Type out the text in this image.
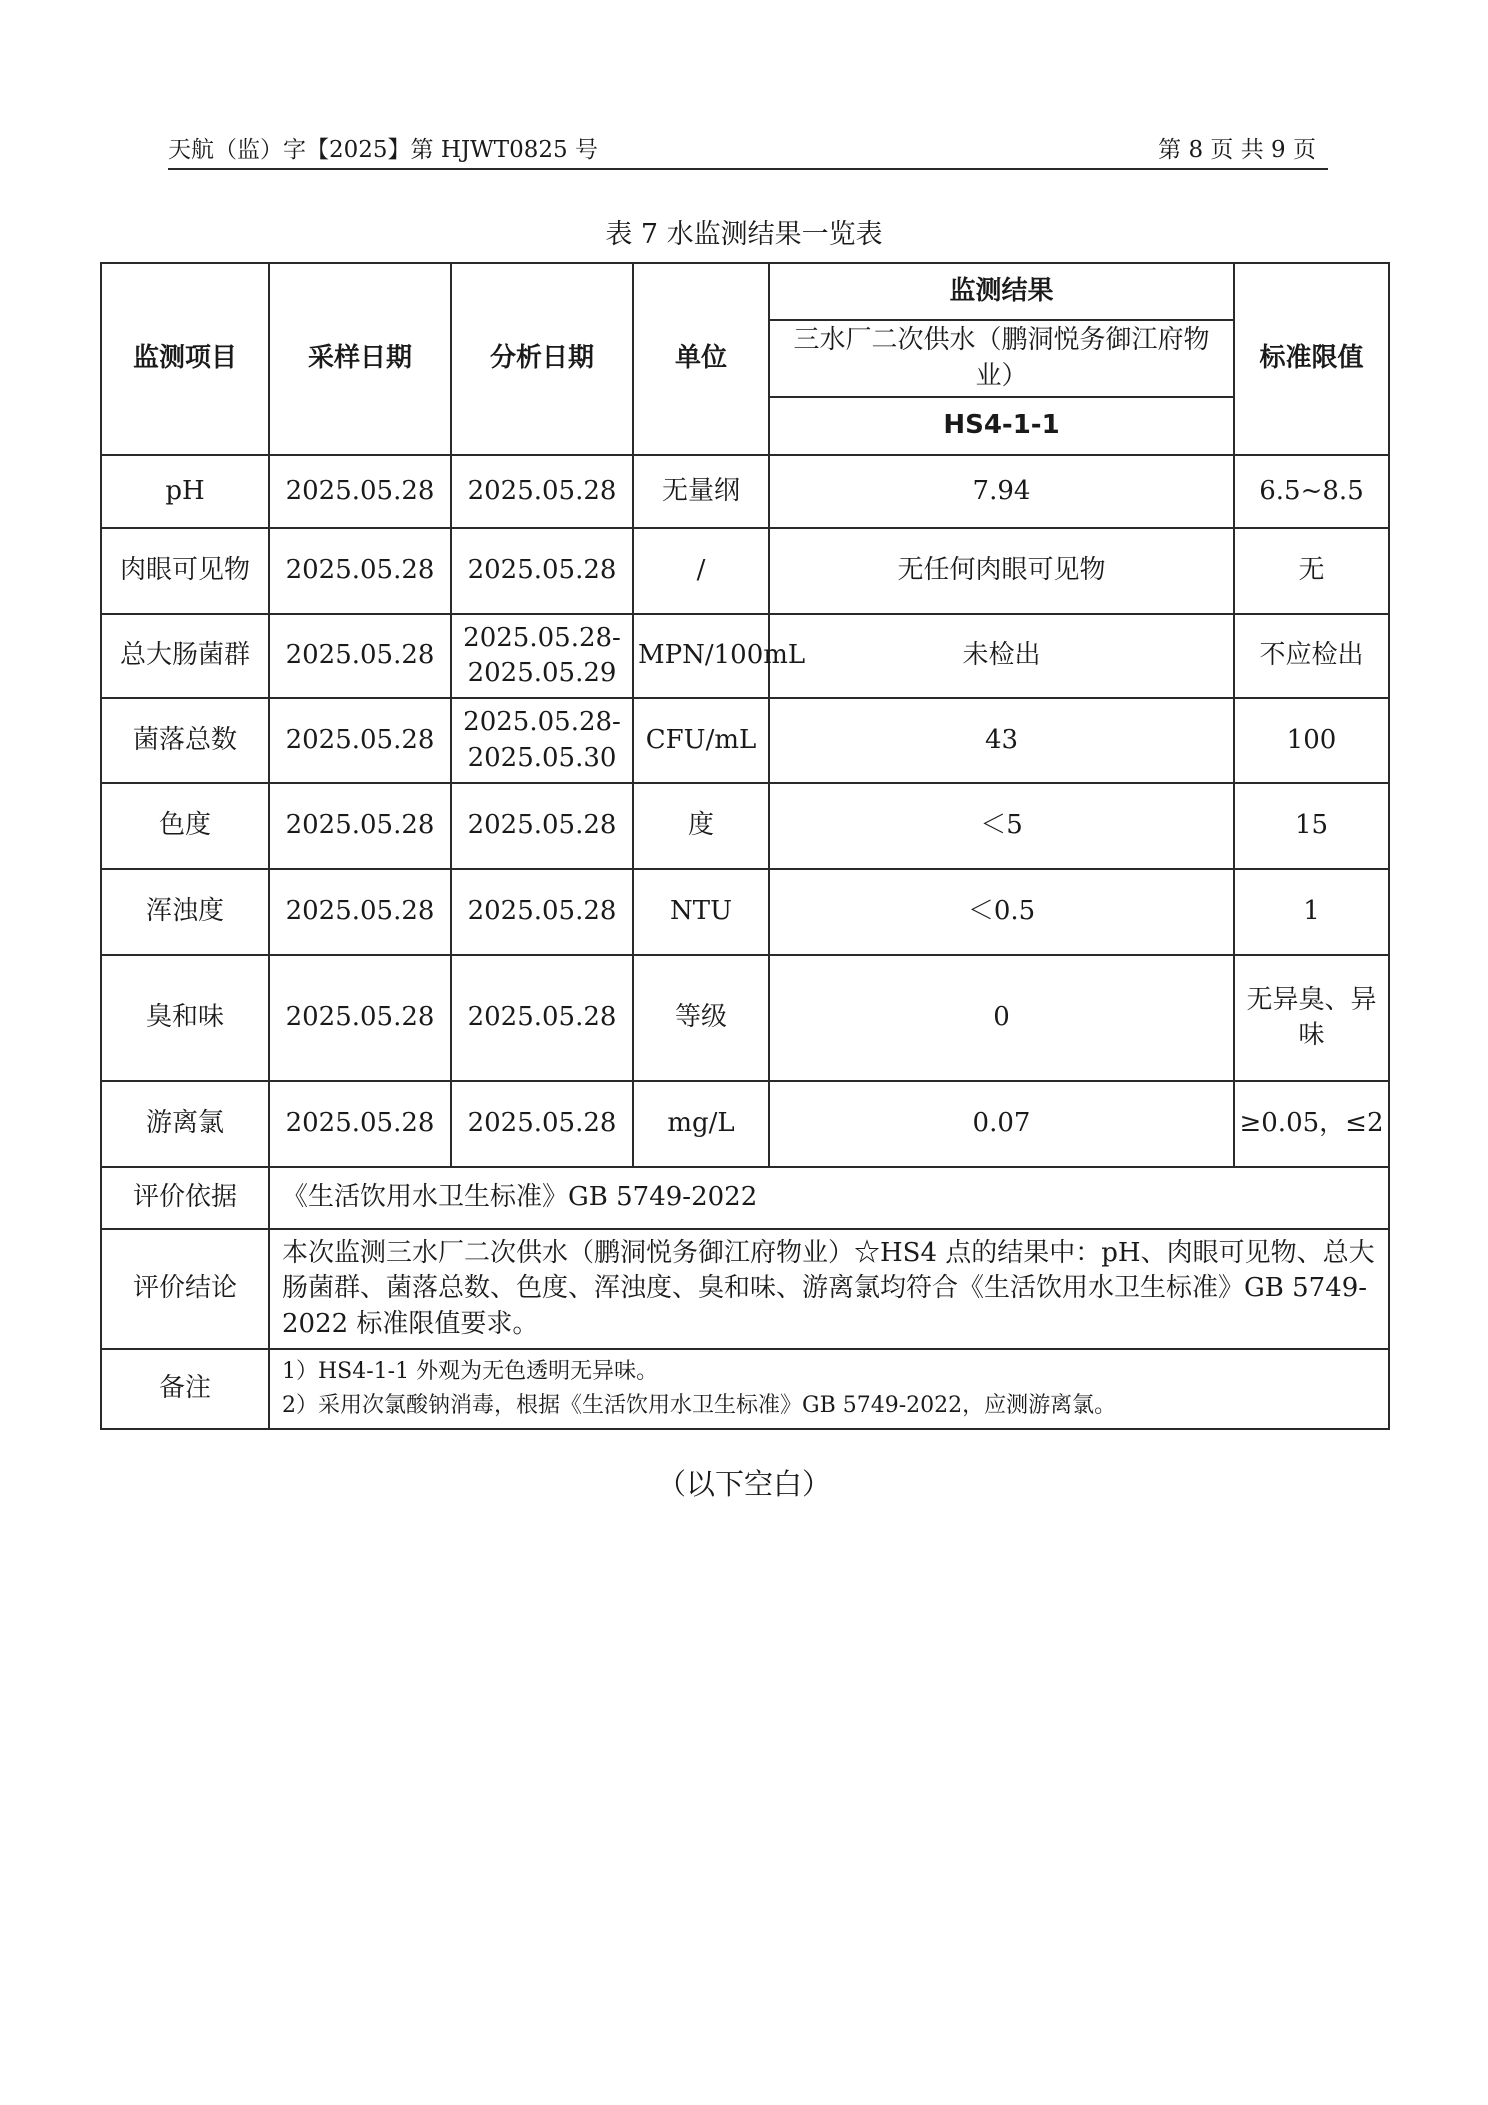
天航（监）字【2025】第 HJWT0825 号	第 8 页 共 9 页
表 7 水监测结果一览表
监测项目	采样日期	分析日期	单位	监测结果	标准限值
				三水厂二次供水（鹏洞悦务御江府物业）	
				HS4-1-1	
pH	2025.05.28	2025.05.28	无量纲	7.94	6.5~8.5
肉眼可见物	2025.05.28	2025.05.28	/	无任何肉眼可见物	无
总大肠菌群	2025.05.28	2025.05.28-2025.05.29	MPN/100mL	未检出	不应检出
菌落总数	2025.05.28	2025.05.28-2025.05.30	CFU/mL	43	100
色度	2025.05.28	2025.05.28	度	＜5	15
浑浊度	2025.05.28	2025.05.28	NTU	＜0.5	1
臭和味	2025.05.28	2025.05.28	等级	0	无异臭、异味
游离氯	2025.05.28	2025.05.28	mg/L	0.07	≥0.05，≤2
评价依据	《生活饮用水卫生标准》GB 5749-2022				
评价结论	本次监测三水厂二次供水（鹏洞悦务御江府物业）☆HS4 点的结果中：pH、肉眼可见物、总大肠菌群、菌落总数、色度、浑浊度、臭和味、游离氯均符合《生活饮用水卫生标准》GB 5749-2022 标准限值要求。				
备注	1）HS4-1-1 外观为无色透明无异味。
2）采用次氯酸钠消毒，根据《生活饮用水卫生标准》GB 5749-2022，应测游离氯。				
（以下空白）
